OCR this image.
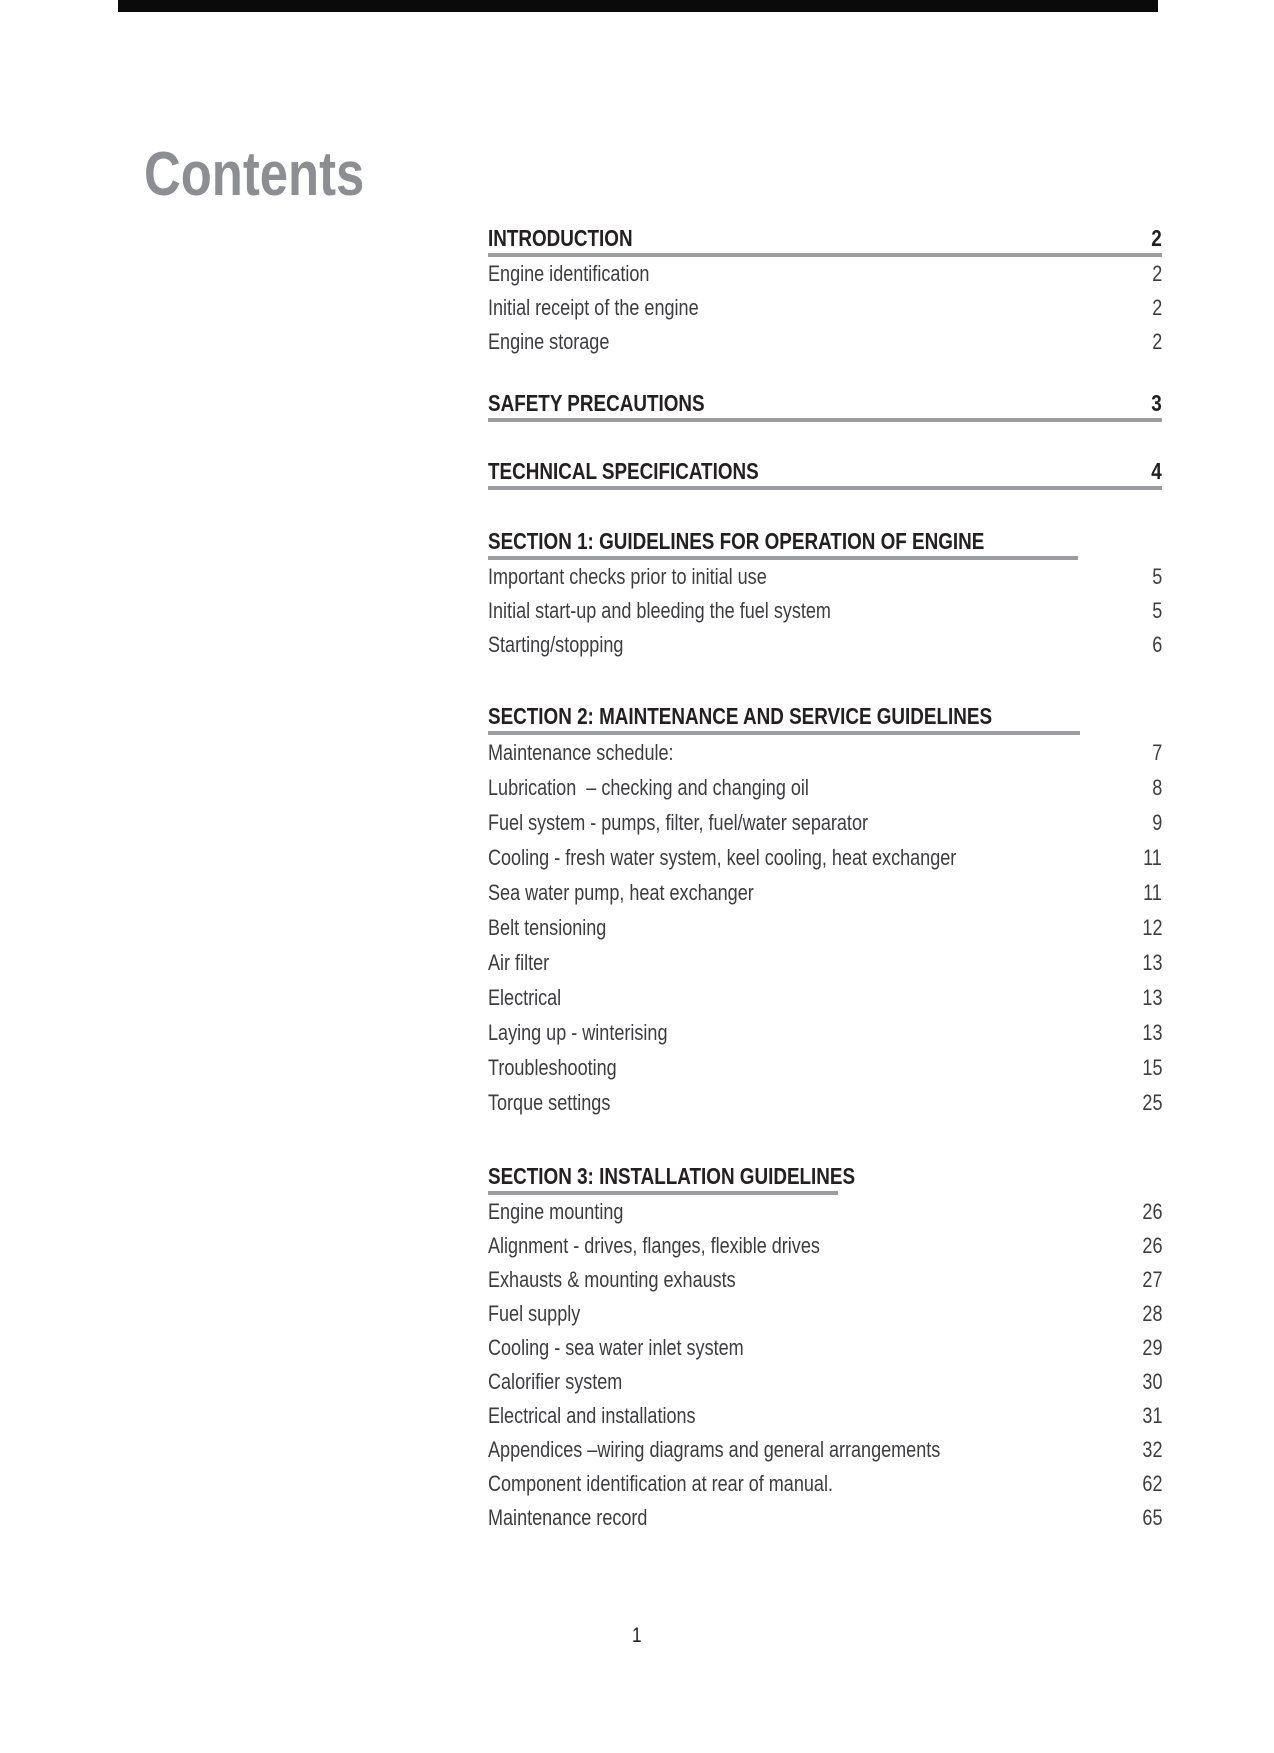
Contents
INTRODUCTION	2
Engine identification	2
Initial receipt of the engine	2
Engine storage	2
SAFETY PRECAUTIONS	3
TECHNICAL SPECIFICATIONS	4
SECTION 1: GUIDELINES FOR OPERATION OF ENGINE
Important checks prior to initial use	5
Initial start-up and bleeding the fuel system	5
Starting/stopping	6
SECTION 2: MAINTENANCE AND SERVICE GUIDELINES
Maintenance schedule:	7
Lubrication  – checking and changing oil	8
Fuel system - pumps, filter, fuel/water separator	9
Cooling - fresh water system, keel cooling, heat exchanger	11
Sea water pump, heat exchanger	11
Belt tensioning	12
Air filter	13
Electrical	13
Laying up - winterising	13
Troubleshooting	15
Torque settings	25
SECTION 3: INSTALLATION GUIDELINES
Engine mounting	26
Alignment - drives, flanges, flexible drives	26
Exhausts & mounting exhausts	27
Fuel supply	28
Cooling - sea water inlet system	29
Calorifier system	30
Electrical and installations	31
Appendices –wiring diagrams and general arrangements	32
Component identification at rear of manual.	62
Maintenance record	65
1
